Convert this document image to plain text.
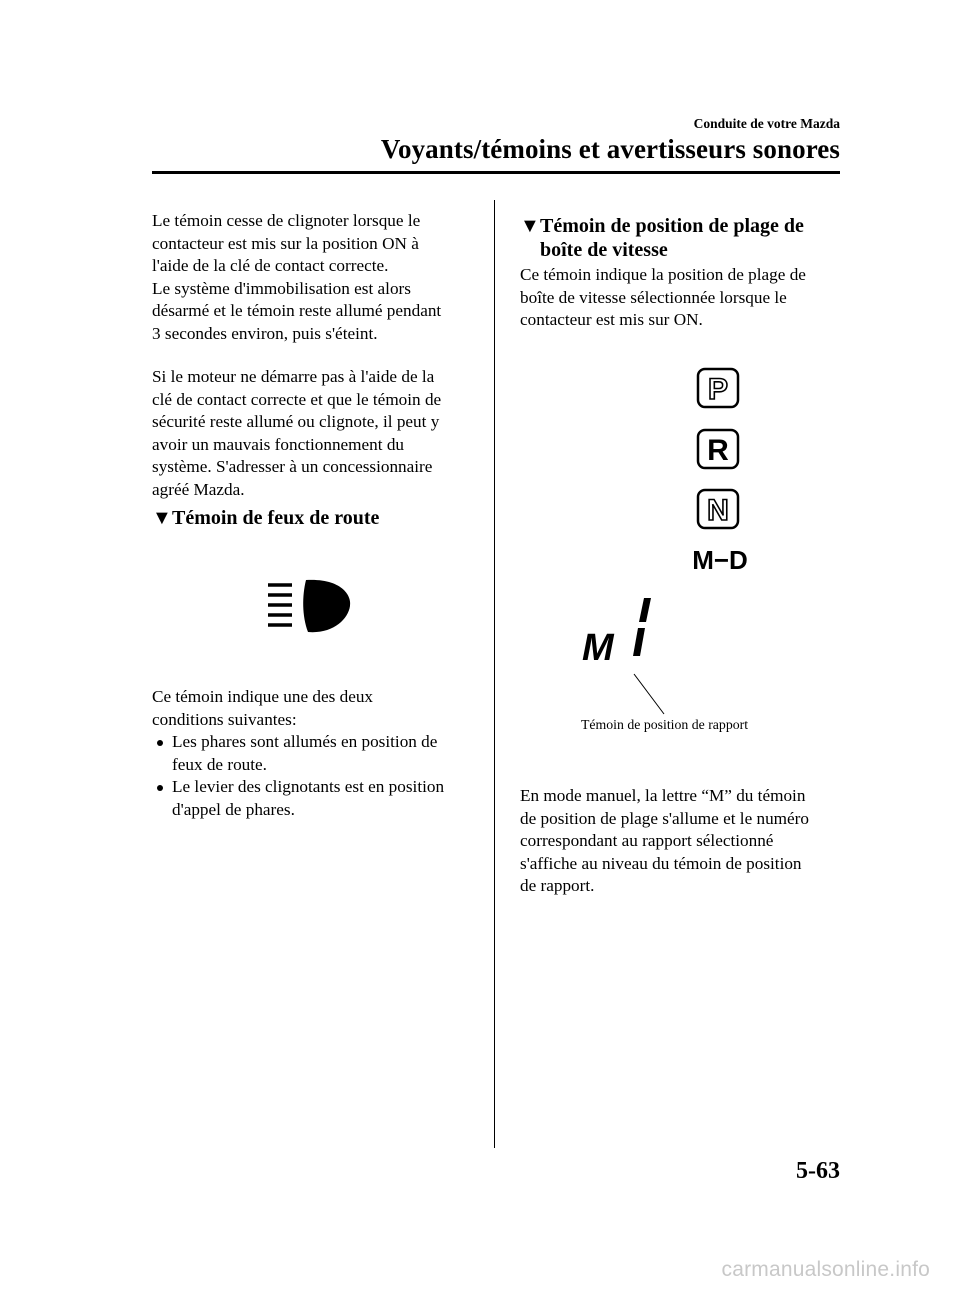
Conduite de votre Mazda
Voyants/témoins et avertisseurs sonores

Le témoin cesse de clignoter lorsque le
contacteur est mis sur la position ON à
l'aide de la clé de contact correcte.
Le système d'immobilisation est alors
désarmé et le témoin reste allumé pendant
3 secondes environ, puis s'éteint.

Si le moteur ne démarre pas à l'aide de la
clé de contact correcte et que le témoin de
sécurité reste allumé ou clignote, il peut y
avoir un mauvais fonctionnement du
système. S'adresser à un concessionnaire
agréé Mazda.

▼Témoin de feux de route

Ce témoin indique une des deux
conditions suivantes:

Les phares sont allumés en position de
feux de route.
Le levier des clignotants est en position
d'appel de phares.
▼Témoin de position de plage de
boîte de vitesse

Ce témoin indique la position de plage de
boîte de vitesse sélectionnée lorsque le
contacteur est mis sur ON.

P
R
N
M−D
M
Témoin de position de rapport

En mode manuel, la lettre “M” du témoin
de position de plage s'allume et le numéro
correspondant au rapport sélectionné
s'affiche au niveau du témoin de position
de rapport.

5-63
carmanualsonline.info
